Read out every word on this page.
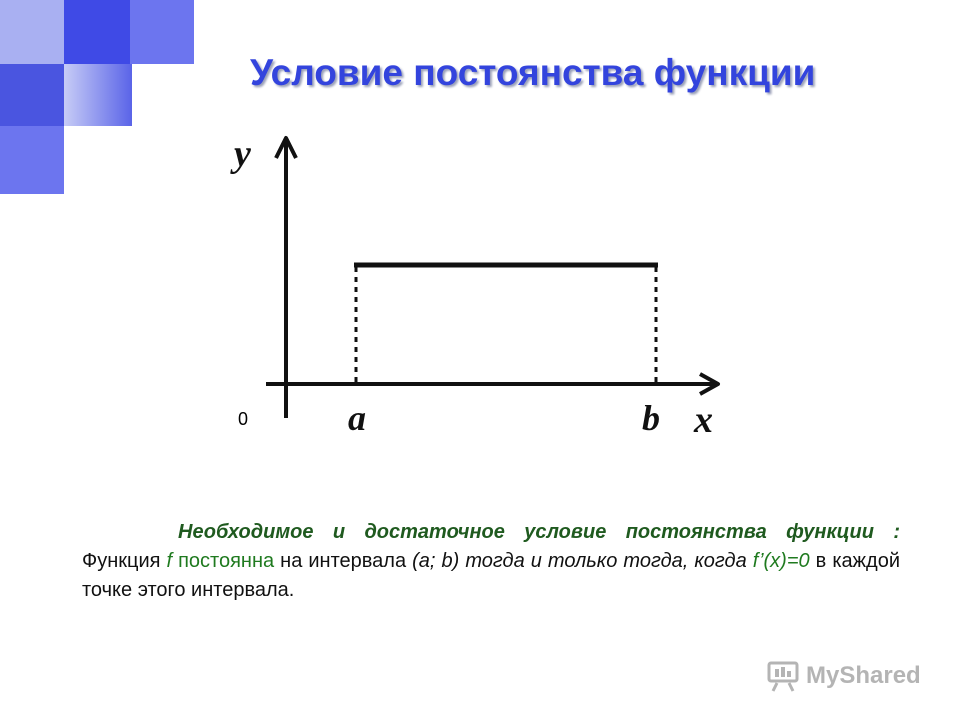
Условие постоянства функции
y
x
a	b
0

Необходимое и достаточное условие постоянства функции : Функция f постоянна на интервала (a; b) тогда и только тогда, когда f’(x)=0 в каждой точке этого интервала.

MyShared
